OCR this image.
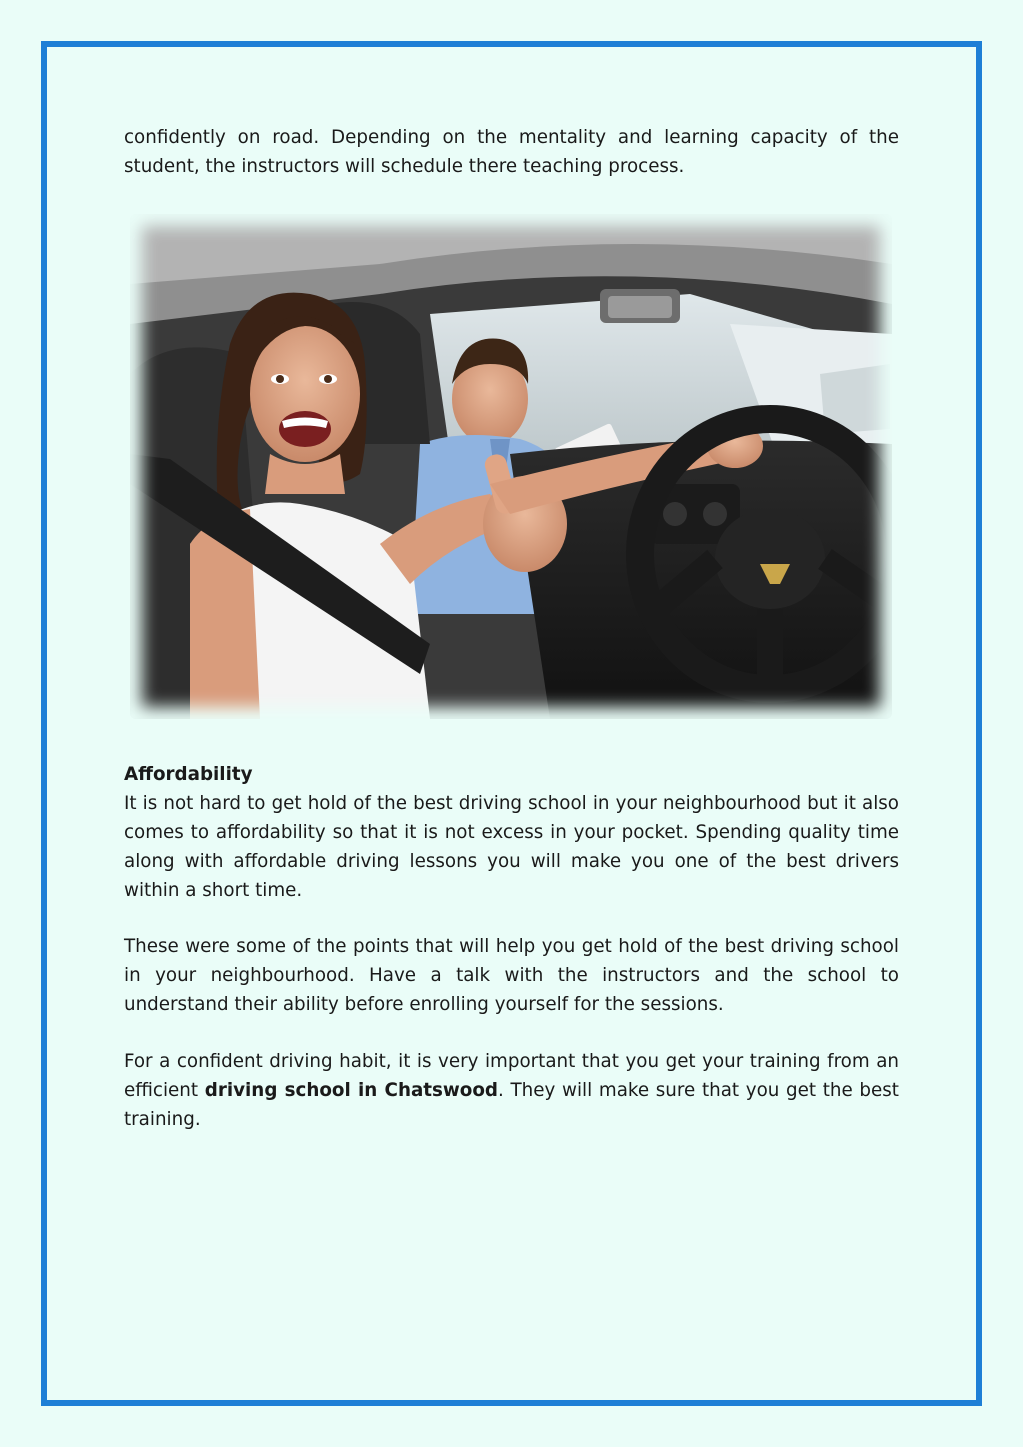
confidently on road. Depending on the mentality and learning capacity of the student, the instructors will schedule there teaching process.

Affordability

It is not hard to get hold of the best driving school in your neighbourhood but it also comes to affordability so that it is not excess in your pocket. Spending quality time along with affordable driving lessons you will make you one of the best drivers within a short time.

These were some of the points that will help you get hold of the best driving school in your neighbourhood. Have a talk with the instructors and the school to understand their ability before enrolling yourself for the sessions.

For a confident driving habit, it is very important that you get your training from an efficient driving school in Chatswood. They will make sure that you get the best training.
